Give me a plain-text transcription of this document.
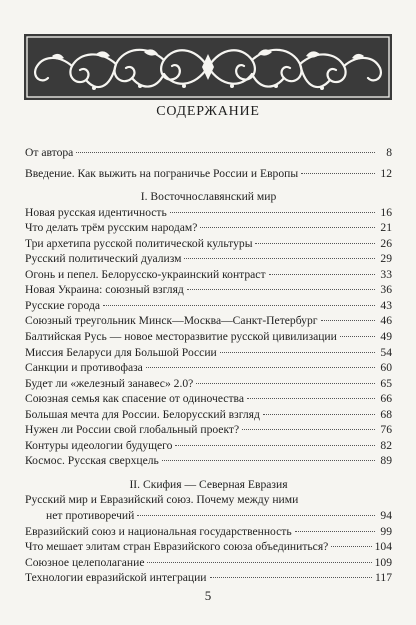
СОДЕРЖАНИЕ
От автора	8
Введение. Как выжить на пограничье России и Европы	12
I. Восточнославянский мир
Новая русская идентичность	16
Что делать трём русским народам?	21
Три архетипа русской политической культуры	26
Русский политический дуализм	29
Огонь и пепел. Белорусско-украинский контраст	33
Новая Украина: союзный взгляд	36
Русские города	43
Союзный треугольник Минск—Москва—Санкт-Петербург	46
Балтийская Русь — новое месторазвитие русской цивилизации	49
Миссия Беларуси для Большой России	54
Санкции и противофаза	60
Будет ли «железный занавес» 2.0?	65
Союзная семья как спасение от одиночества	66
Большая мечта для России. Белорусский взгляд	68
Нужен ли России свой глобальный проект?	76
Контуры идеологии будущего	82
Космос. Русская сверхцель	89
II. Скифия — Северная Евразия
Русский мир и Евразийский союз. Почему между ними
нет противоречий	94
Евразийский союз и национальная государственность	99
Что мешает элитам стран Евразийского союза объединиться?	104
Союзное целеполагание	109
Технологии евразийской интеграции	117
5
